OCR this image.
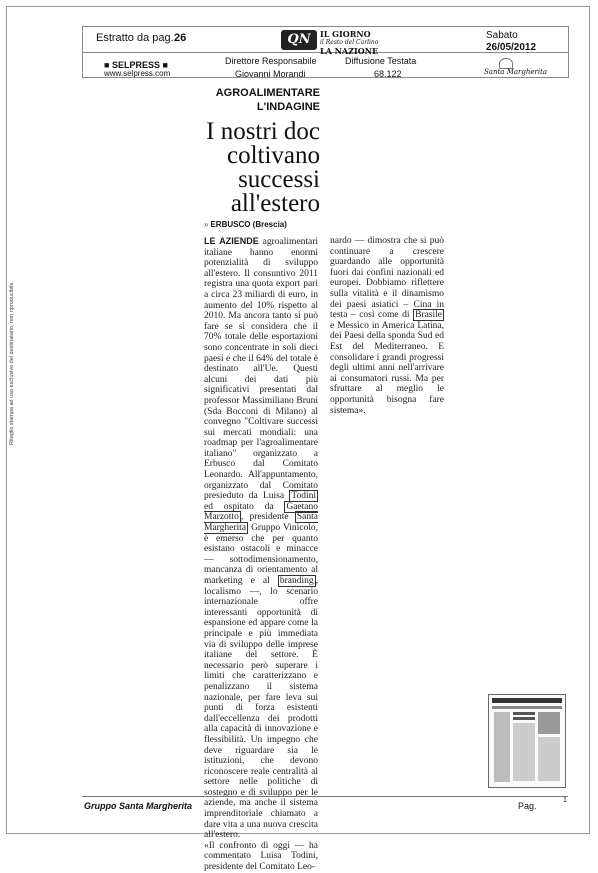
Estratto da pag. 26	QN	IL GIORNO
il Resto del Carlino
LA NAZIONE
Sabato
26/05/2012
■ SELPRESS ■
www.selpress.com
Direttore Responsabile
Giovanni Morandi
Diffusione Testata
68.122	Santa Margherita
AGROALIMENTARE
L'INDAGINE
I nostri doc
coltivano
successi
all'estero
» ERBUSCO (Brescia)
LE AZIENDE agroalimentari italiane hanno enormi potenzialità di sviluppo all'estero. Il consuntivo 2011 registra una quota export pari a circa 23 miliardi di euro, in aumento del 10% rispetto al 2010. Ma ancora tanto si può fare se si considera che il 70% totale delle esportazioni sono concentrate in soli dieci paesi e che il 64% del totale è destinato all'Ue. Questi alcuni dei dati più significativi presentati dal professor Massimiliano Bruni (Sda Bocconi di Milano) al convegno "Coltivare successi sui mercati mondiali: una roadmap per l'agroalimentare italiano" organizzato a Erbusco dal Comitato Leonardo. All'appuntamento, organizzato dal Comitato presieduto da Luisa Todini ed ospitato da Gaetano Marzotto , presidente Santa Margherita Gruppo Vinicolo, è emerso che per quanto esistano ostacoli e minacce — sottodimensionamento, mancanza di orientamento al marketing e al branding , localismo —, lo scenario internazionale offre interessanti opportunità di espansione ed appare come la principale e più immediata via di sviluppo delle imprese italiane del settore. È necessario però superare i limiti che caratterizzano e penalizzano il sistema nazionale, per fare leva sui punti di forza esistenti dall'eccellenza dei prodotti alla capacità di innovazione e flessibilità. Un impegno che deve riguardare sia le istituzioni, che devono riconoscere reale centralità al settore nelle politiche di sostegno e di sviluppo per le aziende, ma anche il sistema imprenditoriale chiamato a dare vita a una nuova crescita all'estero.
«Il confronto di oggi — ha commentato Luisa Todini, presidente del Comitato Leo-
nardo — dimostra che si può continuare a crescere guardando alle opportunità fuori dai confini nazionali ed europei. Dobbiamo riflettere sulla vitalità e il dinamismo dei paesi asiatici – Cina in testa – così come di Brasile e Messico in America Latina, dei Paesi della sponda Sud ed Est del Mediterraneo. E consolidare i grandi progressi degli ultimi anni nell'arrivare ai consumatori russi. Ma per sfruttare al meglio le opportunità bisogna fare sistema».
Ritaglio stampa ad uso esclusivo del destinatario, non riproducibile.
Gruppo Santa Margherita	Pag.
1
